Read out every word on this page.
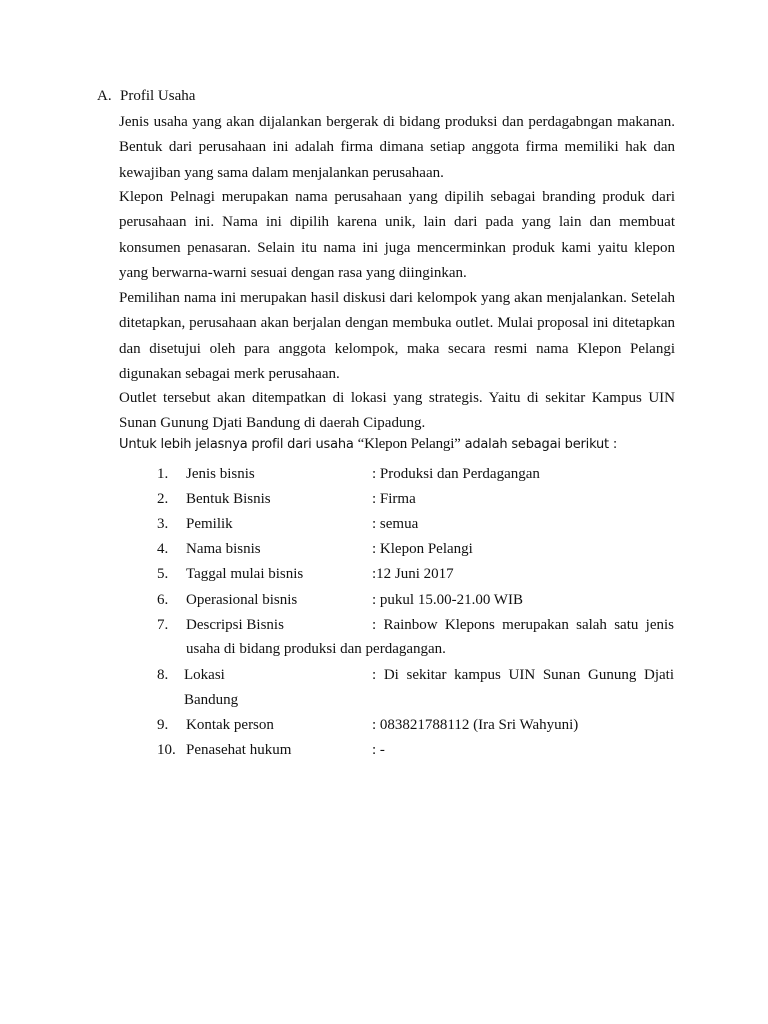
A. Profil Usaha

Jenis usaha yang akan dijalankan bergerak di bidang produksi dan perdagabngan makanan. Bentuk dari perusahaan ini adalah firma dimana setiap anggota firma memiliki hak dan kewajiban yang sama dalam menjalankan perusahaan.

Klepon Pelnagi merupakan nama perusahaan yang dipilih sebagai branding produk dari perusahaan ini. Nama ini dipilih karena unik, lain dari pada yang lain dan membuat konsumen penasaran. Selain itu nama ini juga mencerminkan produk kami yaitu klepon yang berwarna-warni sesuai dengan rasa yang diinginkan.

Pemilihan nama ini merupakan hasil diskusi dari kelompok yang akan menjalankan. Setelah ditetapkan, perusahaan akan berjalan dengan membuka outlet. Mulai proposal ini ditetapkan dan disetujui oleh para anggota kelompok, maka secara resmi nama Klepon Pelangi digunakan sebagai merk perusahaan.

Outlet tersebut akan ditempatkan di lokasi yang strategis. Yaitu di sekitar Kampus UIN Sunan Gunung Djati Bandung di daerah Cipadung.

Untuk lebih jelasnya profil dari usaha “Klepon Pelangi” adalah sebagai berikut :
1.	Jenis bisnis	: Produksi dan Perdagangan
2.	Bentuk Bisnis	: Firma
3.	Pemilik	: semua
4.	Nama bisnis	: Klepon Pelangi
5.	Taggal mulai bisnis	:12 Juni 2017
6.	Operasional bisnis	: pukul 15.00-21.00 WIB
7.	Descripsi Bisnis	: Rainbow Klepons merupakan salah satu jenis
usaha di bidang produksi dan perdagangan.
8.	Lokasi	: Di sekitar kampus UIN Sunan Gunung Djati
Bandung
9.	Kontak person	: 083821788112 (Ira Sri Wahyuni)
10. Penasehat hukum	: -
